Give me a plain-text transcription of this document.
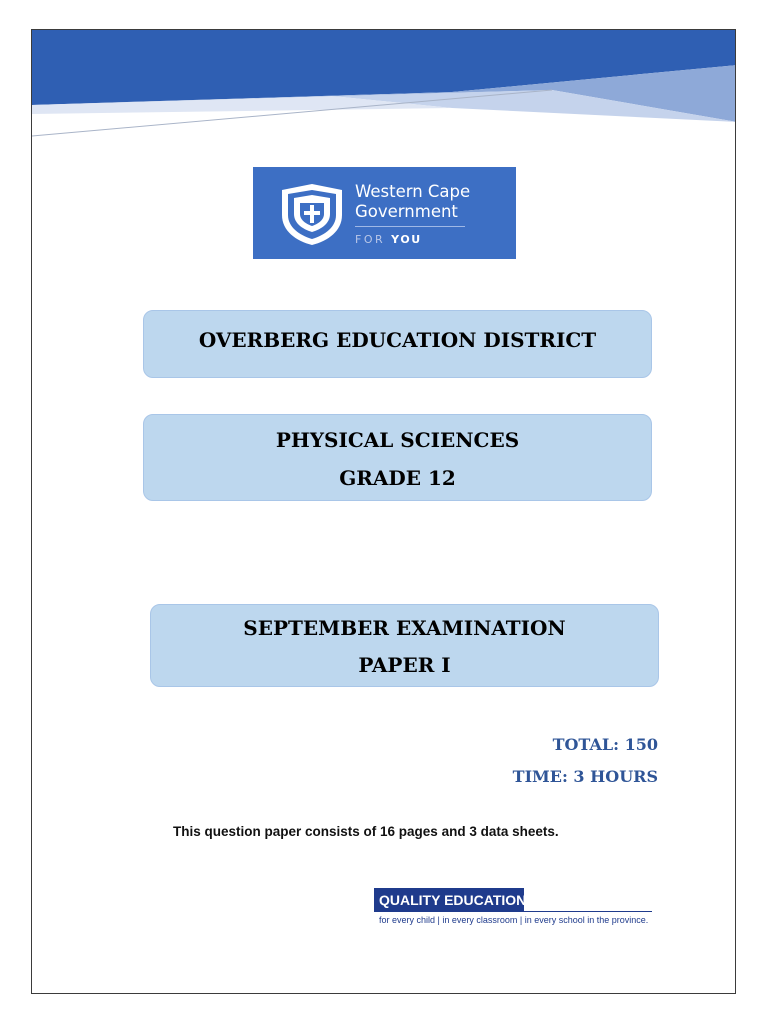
Western Cape
Government
FOR YOU
OVERBERG EDUCATION DISTRICT
PHYSICAL SCIENCES
GRADE 12
SEPTEMBER EXAMINATION
PAPER I
TOTAL: 150
TIME: 3 HOURS
This question paper consists of 16 pages and 3 data sheets.
QUALITY EDUCATION
for every child | in every classroom | in every school in the province.
